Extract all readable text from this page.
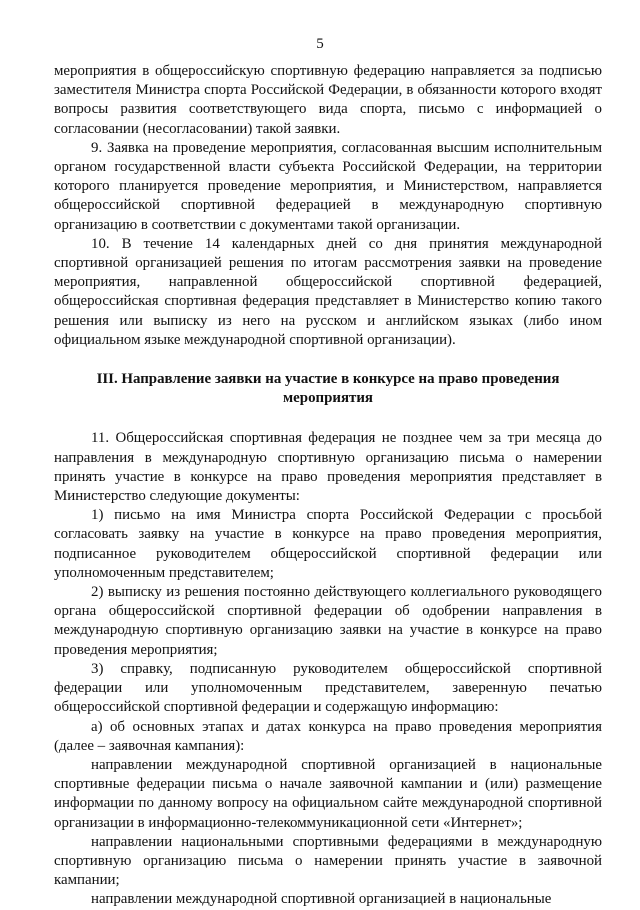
5

мероприятия в общероссийскую спортивную федерацию направляется за подписью заместителя Министра спорта Российской Федерации, в обязанности которого входят вопросы развития соответствующего вида спорта, письмо с информацией о согласовании (несогласовании) такой заявки.

9. Заявка на проведение мероприятия, согласованная высшим исполнительным органом государственной власти субъекта Российской Федерации, на территории которого планируется проведение мероприятия, и Министерством, направляется общероссийской спортивной федерацией в международную спортивную организацию в соответствии с документами такой организации.

10. В течение 14 календарных дней со дня принятия международной спортивной организацией решения по итогам рассмотрения заявки на проведение мероприятия, направленной общероссийской спортивной федерацией, общероссийская спортивная федерация представляет в Министерство копию такого решения или выписку из него на русском и английском языках (либо ином официальном языке международной спортивной организации).

III. Направление заявки на участие в конкурсе на право проведения мероприятия

11. Общероссийская спортивная федерация не позднее чем за три месяца до направления в международную спортивную организацию письма о намерении принять участие в конкурсе на право проведения мероприятия представляет в Министерство следующие документы:

1) письмо на имя Министра спорта Российской Федерации с просьбой согласовать заявку на участие в конкурсе на право проведения мероприятия, подписанное руководителем общероссийской спортивной федерации или уполномоченным представителем;

2) выписку из решения постоянно действующего коллегиального руководящего органа общероссийской спортивной федерации об одобрении направления в международную спортивную организацию заявки на участие в конкурсе на право проведения мероприятия;

3) справку, подписанную руководителем общероссийской спортивной федерации или уполномоченным представителем, заверенную печатью общероссийской спортивной федерации и содержащую информацию:

а) об основных этапах и датах конкурса на право проведения мероприятия (далее – заявочная кампания):

направлении международной спортивной организацией в национальные спортивные федерации письма о начале заявочной кампании и (или) размещение информации по данному вопросу на официальном сайте международной спортивной организации в информационно-телекоммуникационной сети «Интернет»;

направлении национальными спортивными федерациями в международную спортивную организацию письма о намерении принять участие в заявочной кампании;

направлении международной спортивной организацией в национальные
